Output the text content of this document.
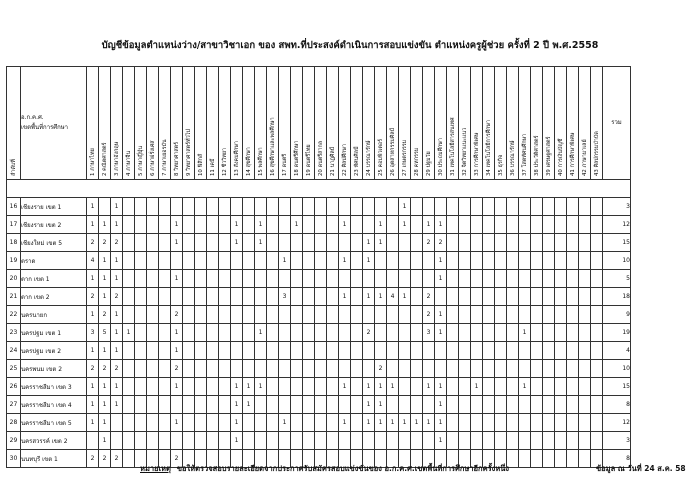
บัญชีข้อมูลตำแหน่งว่าง/สาขาวิชาเอก ของ สพท.ที่ประสงค์ดำเนินการสอบแข่งขัน ตำแหน่งครูผู้ช่วย ครั้งที่ 2 ปี พ.ศ.2558
ลำดับที่	อ.ก.ค.ศ.
เขตพื้นที่การศึกษา	1 ภาษาไทย	2 คณิตศาสตร์	3 ภาษาอังกฤษ	4 ภาษาจีน	5 ภาษาญี่ปุ่น	6 ภาษาฝรั่งเศส	7 ภาษาเยอรมัน	8 วิทยาศาสตร์	9 วิทยาศาสตร์ทั่วไป	10 ฟิสิกส์	11 เคมี	12 ชีววิทยา	13 สังคมศึกษา	14 สุขศึกษา	15 พลศึกษา	16 สุขศึกษาและพลศึกษา	17 ดนตรี	18 ดนตรีศึกษา	19 ดนตรีไทย	20 ดนตรีสากล	21 นาฏศิลป์	22 ศิลปศึกษา	23 ทัศนศิลป์	24 บรรณารักษ์	25 คอมพิวเตอร์	26 อุตสาหกรรมศิลป์	27 เกษตรกรรม	28 คหกรรม	29 ปฐมวัย	30 ประถมศึกษา	31 เทคโนโลยีสารสนเทศ	32 จิตวิทยาแนะแนว	33 การศึกษาพิเศษ	34 เทคโนโลยีการศึกษา	35 ธุรกิจ	36 บรรณารักษ์	37 โสตทัศนศึกษา	38 ประวัติศาสตร์	39 เศรษฐศาสตร์	40 การเงินบัญชี	41 การศึกษาพิเศษ	42 ภาษามาเลย์	43 ศิลปกรรมบำบัด	รวม

16	เชียงราย เขต 1	1		1																								1																	3
17	เชียงราย เขต 2	1	1	1					1					1		1			1				1			1		1		1	1														12
18	เชียงใหม่ เขต 5	2	2	2					1					1		1									1	1				2	2														15
19	ตราด	4	1	1														1					1		1						1														10
20	ตาก เขต 1	1	1	1					1																						1														5
21	ตาก เขต 2	2	1	2														3					1		1	1	4	1		2															18
22	นครนายก	1	2	1					2																					2	1														9
23	นครปฐม เขต 1	3	5	1	1				1							1									2					3	1							1							19
24	นครปฐม เขต 2	1	1	1					1																																				4
25	นครพนม เขต 2	2	2	2					2																	2																			10
26	นครราชสีมา เขต 3	1	1	1					1					1	1	1							1		1	1	1			1	1			1				1							15
27	นครราชสีมา เขต 4	1	1	1										1	1										1	1					1														8
28	นครราชสีมา เขต 5	1	1						1					1				1					1		1	1	1	1	1	1	1														12
29	นครสวรรค์ เขต 2		1											1																	1														3
30	นนทบุรี เขต 1	2	2	2					2																																				8
หมายเหตุ ขอให้ตรวจสอบรายละเอียดจากประกาศรับสมัครสอบแข่งขันของ อ.ก.ค.ศ.เขตพื้นที่การศึกษาอีกครั้งหนึ่ง	ข้อมูล ณ วันที่ 24 ส.ค. 58
